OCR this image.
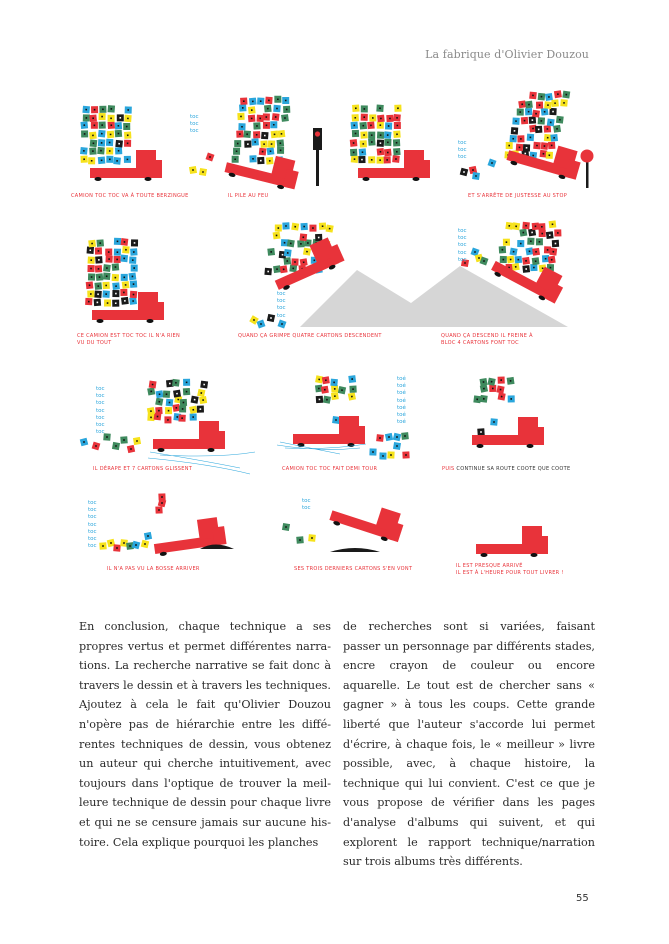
La fabrique d'Olivier Douzou
toc
toc
toc
toc
toc
toc
toc
toc
toc
toc
toc
toc
toc
toc
toc
toc
toc
toc
toc
toc
toc
toc
toé
toé
toé
toé
toé
toé
toé
toc
toc
toc
toc
toc
toc
toc
toc
toc
CAMION TOC TOC VA À TOUTE BERZINGUE	IL PILE AU FEU	ET S'ARRÊTE DE JUSTESSE AU STOP
CE CAMION EST TOC TOC IL N'A RIEN VU DU TOUT
QUAND ÇA GRIMPE QUATRE CARTONS DESCENDENT	QUAND ÇA DESCEND IL FREINE À BLOC 4 CARTONS FONT TOC
IL DÉRAPE ET 7 CARTONS GLISSENT	CAMION TOC TOC FAIT DEMI TOUR	PUIS CONTINUE SA ROUTE COOTE QUE COOTE
IL N'A PAS VU LA BOSSE ARRIVER	SES TROIS DERNIERS CARTONS S'EN VONT	IL EST PRESQUE ARRIVÉ
IL EST À L'HEURE POUR TOUT LIVRER !
En conclusion, chaque technique a ses propres vertus et permet différentes narrations. La recherche narrative se fait donc à travers le dessin et à travers les techniques. Ajoutez à cela le fait qu'Olivier Douzou n'opère pas de hiérarchie entre les différentes techniques de dessin, vous obtenez un auteur qui cherche intuitivement, avec toujours dans l'optique de trouver la meilleure technique de dessin pour chaque livre et qui ne se censure jamais sur aucune histoire. Cela explique pourquoi les planches
de recherches sont si variées, faisant passer un personnage par différents stades, encre crayon de couleur ou encore aquarelle. Le tout est de chercher sans « gagner » à tous les coups. Cette grande liberté que l'auteur s'accorde lui permet d'écrire, à chaque fois, le « meilleur » livre possible, avec, à chaque histoire, la technique qui lui convient. C'est ce que je vous propose de vérifier dans les pages d'analyse d'albums qui suivent, et qui explorent le rapport technique/narration sur trois albums très différents.
55
